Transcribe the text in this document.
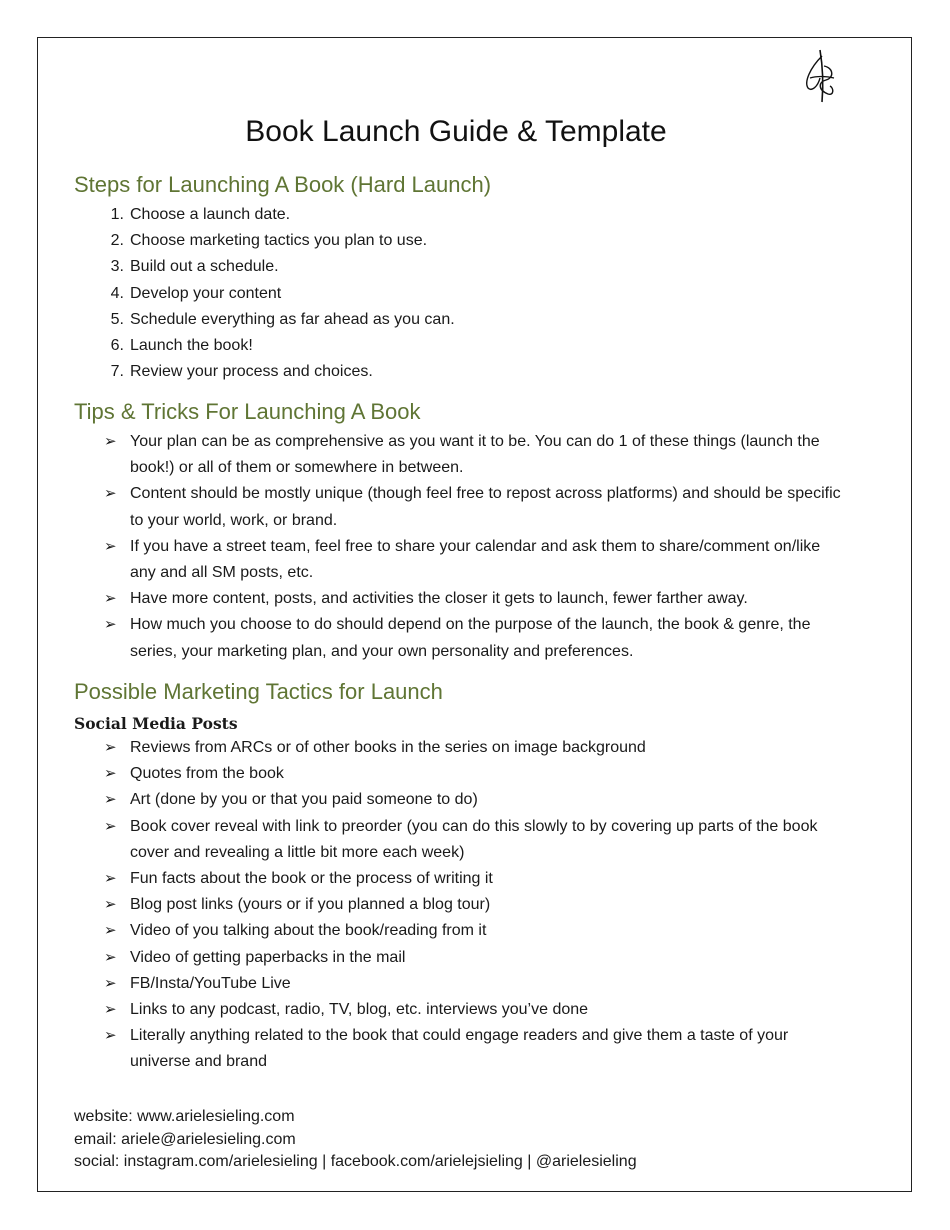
Book Launch Guide & Template
Steps for Launching A Book (Hard Launch)
1. Choose a launch date.
2. Choose marketing tactics you plan to use.
3. Build out a schedule.
4. Develop your content
5. Schedule everything as far ahead as you can.
6. Launch the book!
7. Review your process and choices.
Tips & Tricks For Launching A Book
➢ Your plan can be as comprehensive as you want it to be. You can do 1 of these things (launch the book!) or all of them or somewhere in between.
➢ Content should be mostly unique (though feel free to repost across platforms) and should be specific to your world, work, or brand.
➢ If you have a street team, feel free to share your calendar and ask them to share/comment on/like any and all SM posts, etc.
➢ Have more content, posts, and activities the closer it gets to launch, fewer farther away.
➢ How much you choose to do should depend on the purpose of the launch, the book & genre, the series, your marketing plan, and your own personality and preferences.
Possible Marketing Tactics for Launch
Social Media Posts
➢ Reviews from ARCs or of other books in the series on image background
➢ Quotes from the book
➢ Art (done by you or that you paid someone to do)
➢ Book cover reveal with link to preorder (you can do this slowly to by covering up parts of the book cover and revealing a little bit more each week)
➢ Fun facts about the book or the process of writing it
➢ Blog post links (yours or if you planned a blog tour)
➢ Video of you talking about the book/reading from it
➢ Video of getting paperbacks in the mail
➢ FB/Insta/YouTube Live
➢ Links to any podcast, radio, TV, blog, etc. interviews you’ve done
➢ Literally anything related to the book that could engage readers and give them a taste of your universe and brand
website: www.arielesieling.com
email: ariele@arielesieling.com
social: instagram.com/arielesieling | facebook.com/arielejsieling | @arielesieling
